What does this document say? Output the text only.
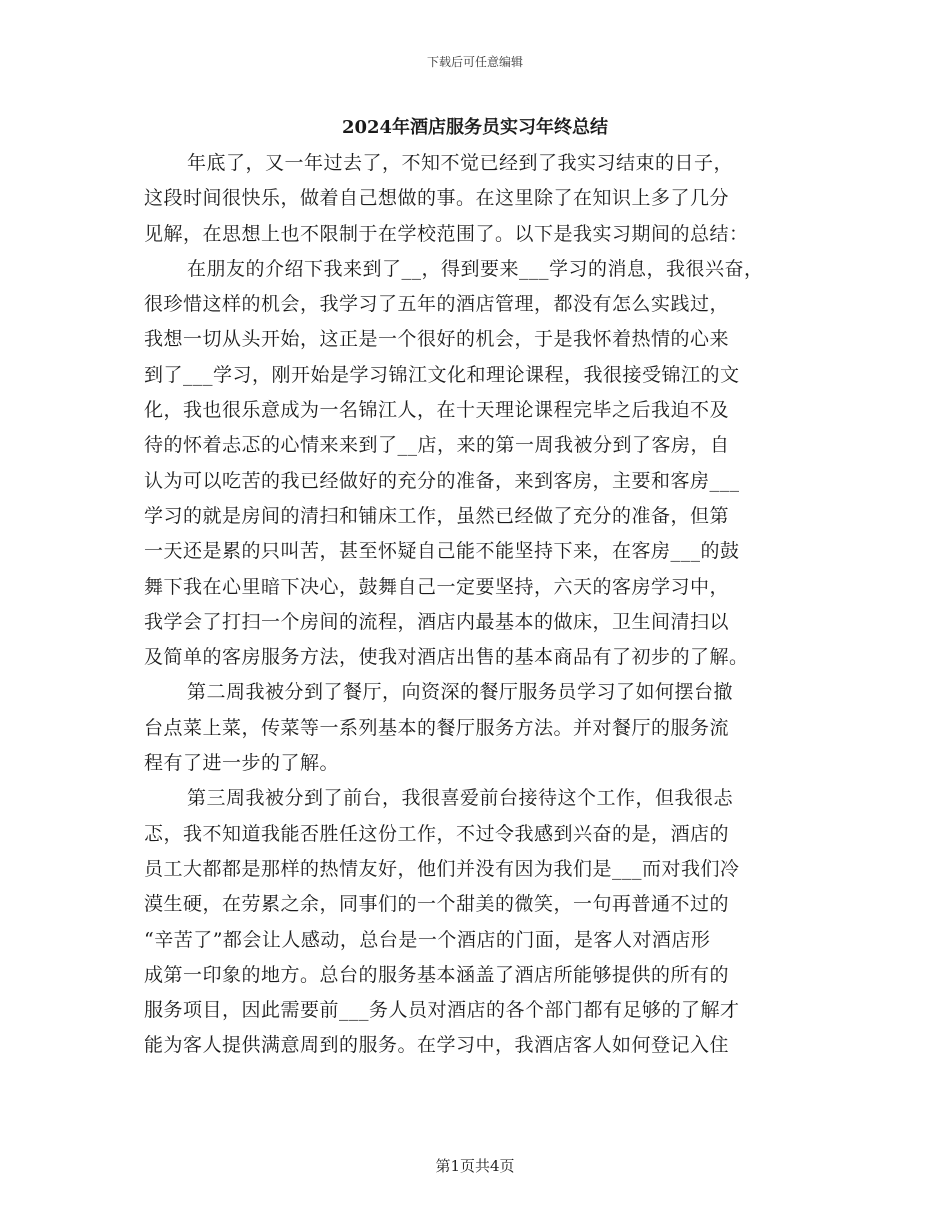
下载后可任意编辑
2024年酒店服务员实习年终总结
年底了，又一年过去了，不知不觉已经到了我实习结束的日子，
这段时间很快乐，做着自己想做的事。在这里除了在知识上多了几分
见解，在思想上也不限制于在学校范围了。以下是我实习期间的总结：
在朋友的介绍下我来到了__，得到要来___学习的消息，我很兴奋，
很珍惜这样的机会，我学习了五年的酒店管理，都没有怎么实践过，
我想一切从头开始，这正是一个很好的机会，于是我怀着热情的心来
到了___学习，刚开始是学习锦江文化和理论课程，我很接受锦江的文
化，我也很乐意成为一名锦江人，在十天理论课程完毕之后我迫不及
待的怀着忐忑的心情来来到了__店，来的第一周我被分到了客房，自
认为可以吃苦的我已经做好的充分的准备，来到客房，主要和客房___
学习的就是房间的清扫和铺床工作，虽然已经做了充分的准备，但第
一天还是累的只叫苦，甚至怀疑自己能不能坚持下来，在客房___的鼓
舞下我在心里暗下决心，鼓舞自己一定要坚持，六天的客房学习中，
我学会了打扫一个房间的流程，酒店内最基本的做床，卫生间清扫以
及简单的客房服务方法，使我对酒店出售的基本商品有了初步的了解。
第二周我被分到了餐厅，向资深的餐厅服务员学习了如何摆台撤
台点菜上菜，传菜等一系列基本的餐厅服务方法。并对餐厅的服务流
程有了进一步的了解。
第三周我被分到了前台，我很喜爱前台接待这个工作，但我很忐
忑，我不知道我能否胜任这份工作，不过令我感到兴奋的是，酒店的
员工大都都是那样的热情友好，他们并没有因为我们是___而对我们冷
漠生硬，在劳累之余，同事们的一个甜美的微笑，一句再普通不过的
“辛苦了”都会让人感动，总台是一个酒店的门面，是客人对酒店形
成第一印象的地方。总台的服务基本涵盖了酒店所能够提供的所有的
服务项目，因此需要前___务人员对酒店的各个部门都有足够的了解才
能为客人提供满意周到的服务。在学习中，我酒店客人如何登记入住
第1页共4页
